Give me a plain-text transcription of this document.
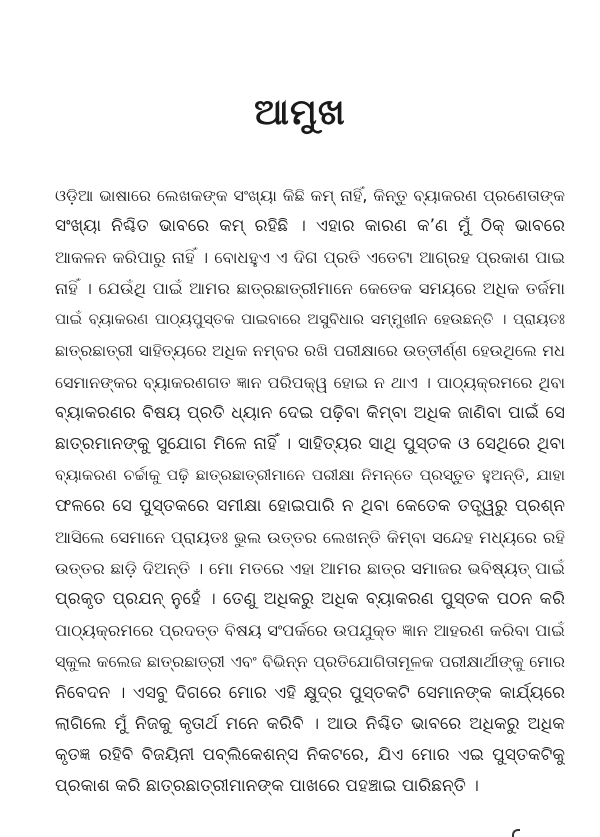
ଆମୁଖ
ଓଡ଼ିଆ ଭାଷାରେ ଲେଖକଙ୍କ ସଂଖ୍ୟା କିଛି କମ୍ ନାହିଁ, କିନ୍ତୁ ବ୍ୟାକରଣ ପ୍ରଣେତାଙ୍କ
ସଂଖ୍ୟା ନିଶ୍ଚିତ ଭାବରେ କମ୍ ରହିଛି । ଏହାର କାରଣ କ’ଣ ମୁଁ ଠିକ୍ ଭାବରେ
ଆକଳନ କରିପାରୁ ନାହିଁ । ବୋଧହୁଏ ଏ ଦିଗ ପ୍ରତି ଏତେଟା ଆଗ୍ରହ ପ୍ରକାଶ ପାଇ
ନାହିଁ । ଯେଉଁଥି ପାଇଁ ଆମର ଛାତ୍ରଛାତ୍ରୀମାନେ କେତେକ ସମୟରେ ଅଧିକ ତର୍ଜମା
ପାଇଁ ବ୍ୟାକରଣ ପାଠ୍ୟପୁସ୍ତକ ପାଇବାରେ ଅସୁବିଧାର ସମ୍ମୁଖୀନ ହେଉଛନ୍ତି । ପ୍ରାୟତଃ
ଛାତ୍ରଛାତ୍ରୀ ସାହିତ୍ୟରେ ଅଧିକ ନମ୍ବର ରଖି ପରୀକ୍ଷାରେ ଉତ୍ତୀର୍ଣ୍ଣ ହେଉଥିଲେ ମଧ
ସେମାନଙ୍କର ବ୍ୟାକରଣଗତ ଜ୍ଞାନ ପରିପକ୍ୱ ହୋଇ ନ ଥାଏ । ପାଠ୍ୟକ୍ରମରେ ଥିବା
ବ୍ୟାକରଣର ବିଷୟ ପ୍ରତି ଧ୍ୟାନ ଦେଇ ପଢ଼ିବା କିମ୍ବା ଅଧିକ ଜାଣିବା ପାଇଁ ସେ
ଛାତ୍ରମାନଙ୍କୁ ସୁଯୋଗ ମିଳେ ନାହିଁ । ସାହିତ୍ୟର ସାଥି ପୁସ୍ତକ ଓ ସେଥିରେ ଥିବା
ବ୍ୟାକରଣ ଚର୍ଚ୍ଚାକୁ ପଢ଼ି ଛାତ୍ରଛାତ୍ରୀମାନେ ପରୀକ୍ଷା ନିମନ୍ତେ ପ୍ରସ୍ତୁତ ହୁଅନ୍ତି, ଯାହା
ଫଳରେ ସେ ପୁସ୍ତକରେ ସମୀକ୍ଷା ହୋଇପାରି ନ ଥିବା କେତେକ ତତ୍ତ୍ୱରୁ ପ୍ରଶ୍ନ
ଆସିଲେ ସେମାନେ ପ୍ରାୟତଃ ଭୁଲ ଉତ୍ତର ଲେଖନ୍ତି କିମ୍ବା ସନ୍ଦେହ ମଧ୍ୟରେ ରହି
ଉତ୍ତର ଛାଡ଼ି ଦିଅନ୍ତି । ମୋ ମତରେ ଏହା ଆମର ଛାତ୍ର ସମାଜର ଭବିଷ୍ୟତ୍ ପାଇଁ
ପ୍ରକୃତ ପ୍ରଯନ୍ ନୁହେଁ । ତେଣୁ ଅଧିକରୁ ଅଧିକ ବ୍ୟାକରଣ ପୁସ୍ତକ ପଠନ କରି
ପାଠ୍ୟକ୍ରମରେ ପ୍ରଦତ୍ତ ବିଷୟ ସଂପର୍କରେ ଉପଯୁକ୍ତ ଜ୍ଞାନ ଆହରଣ କରିବା ପାଇଁ
ସ୍କୁଲ କଲେଜ ଛାତ୍ରଛାତ୍ରୀ ଏବଂ ବିଭିନ୍ନ ପ୍ରତିଯୋଗିତାମୂଳକ ପରୀକ୍ଷାର୍ଥୀଙ୍କୁ ମୋର
ନିବେଦନ । ଏସବୁ ଦିଗରେ ମୋର ଏହି କ୍ଷୁଦ୍ର ପୁସ୍ତକଟି ସେମାନଙ୍କ କାର୍ଯ୍ୟରେ
ଲାଗିଲେ ମୁଁ ନିଜକୁ କୃତାର୍ଥ ମନେ କରିବି । ଆଉ ନିଶ୍ଚିତ ଭାବରେ ଅଧିକରୁ ଅଧିକ
କୃତଜ୍ଞ ରହିବି ବିଜୟିନୀ ପବ୍ଲିକେଶନ୍ସ ନିକଟରେ, ଯିଏ ମୋର ଏଇ ପୁସ୍ତକଟିକୁ
ପ୍ରକାଶ କରି ଛାତ୍ରଛାତ୍ରୀମାନଙ୍କ ପାଖରେ ପହଞ୍ଚାଇ ପାରିଛନ୍ତି ।
